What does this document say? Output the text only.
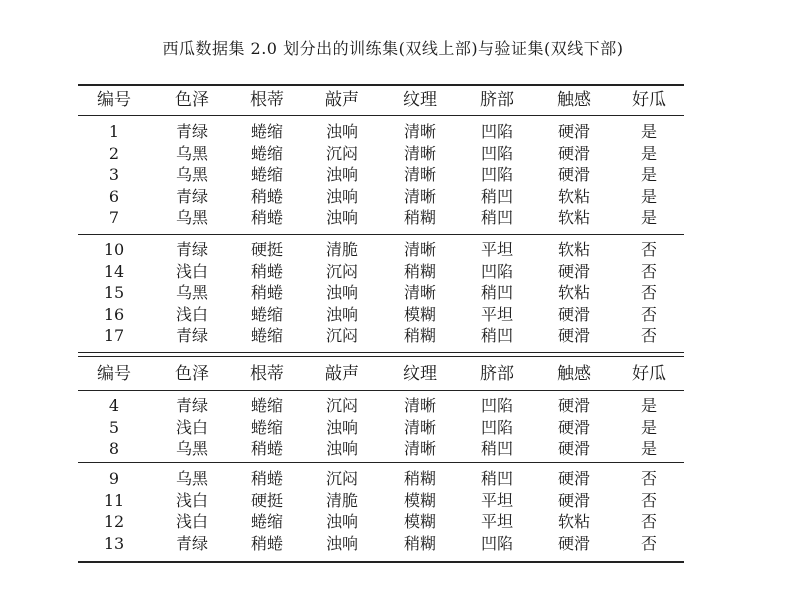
西瓜数据集 2.0 划分出的训练集(双线上部)与验证集(双线下部)
编号	色泽	根蒂	敲声	纹理	脐部	触感	好瓜
1	青绿	蜷缩	浊响	清晰	凹陷	硬滑	是
2	乌黑	蜷缩	沉闷	清晰	凹陷	硬滑	是
3	乌黑	蜷缩	浊响	清晰	凹陷	硬滑	是
6	青绿	稍蜷	浊响	清晰	稍凹	软粘	是
7	乌黑	稍蜷	浊响	稍糊	稍凹	软粘	是
10	青绿	硬挺	清脆	清晰	平坦	软粘	否
14	浅白	稍蜷	沉闷	稍糊	凹陷	硬滑	否
15	乌黑	稍蜷	浊响	清晰	稍凹	软粘	否
16	浅白	蜷缩	浊响	模糊	平坦	硬滑	否
17	青绿	蜷缩	沉闷	稍糊	稍凹	硬滑	否
编号	色泽	根蒂	敲声	纹理	脐部	触感	好瓜
4	青绿	蜷缩	沉闷	清晰	凹陷	硬滑	是
5	浅白	蜷缩	浊响	清晰	凹陷	硬滑	是
8	乌黑	稍蜷	浊响	清晰	稍凹	硬滑	是
9	乌黑	稍蜷	沉闷	稍糊	稍凹	硬滑	否
11	浅白	硬挺	清脆	模糊	平坦	硬滑	否
12	浅白	蜷缩	浊响	模糊	平坦	软粘	否
13	青绿	稍蜷	浊响	稍糊	凹陷	硬滑	否
